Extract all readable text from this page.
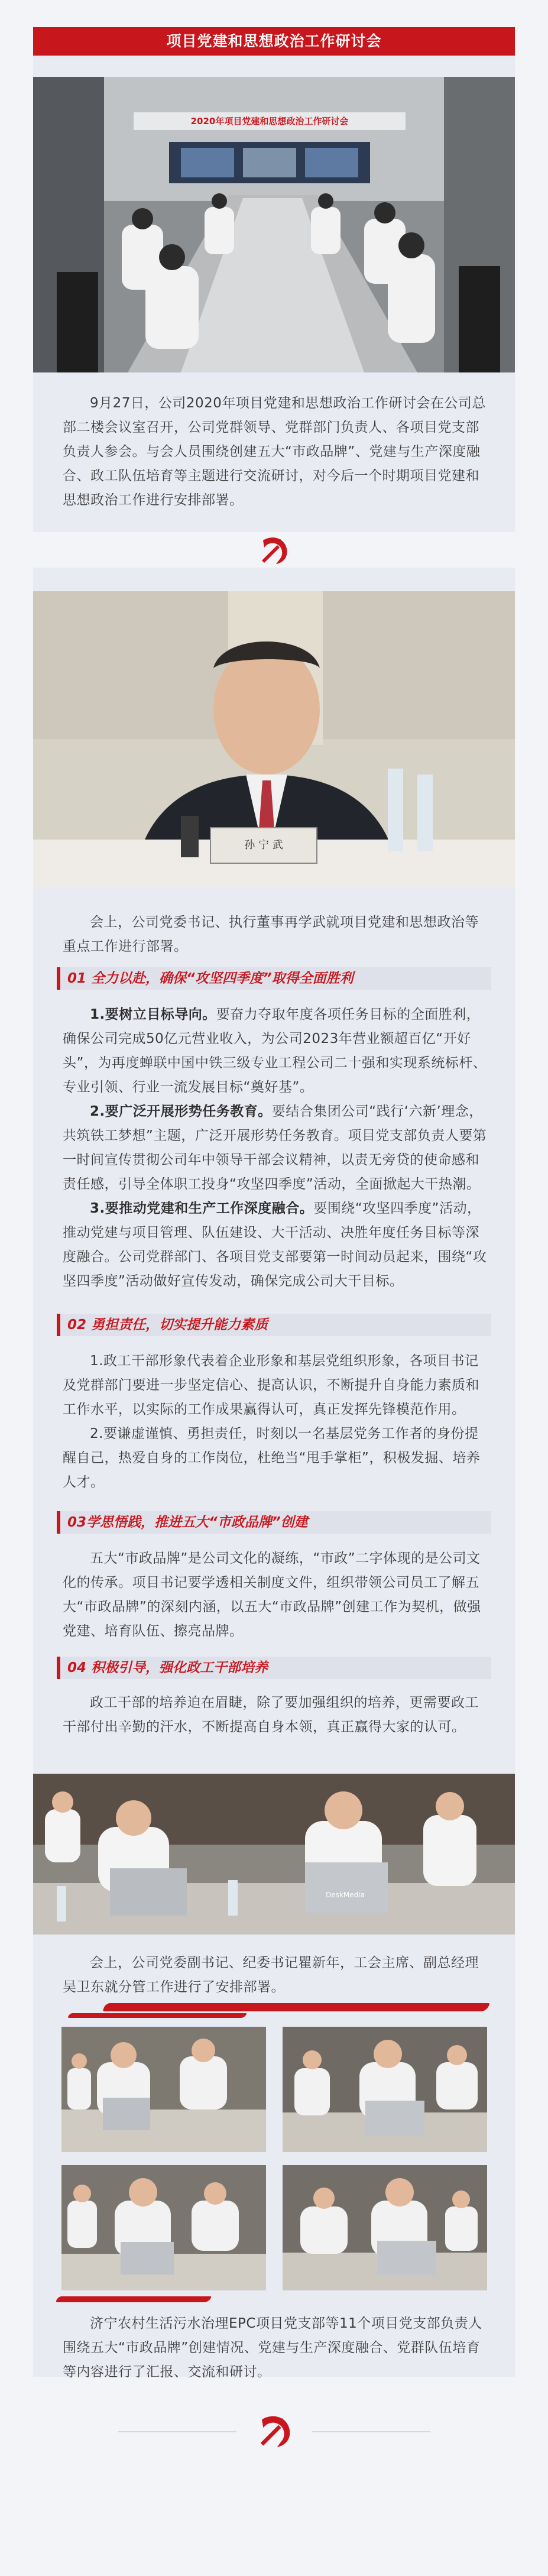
项目党建和思想政治工作研讨会
2020年项目党建和思想政治工作研讨会
9月27日，公司2020年项目党建和思想政治工作研讨会在公司总部二楼会议室召开，公司党群领导、党群部门负责人、各项目党支部负责人参会。与会人员围绕创建五大“市政品牌”、党建与生产深度融合、政工队伍培育等主题进行交流研讨，对今后一个时期项目党建和思想政治工作进行安排部署。
孙 宁 武
会上，公司党委书记、执行董事再学武就项目党建和思想政治等重点工作进行部署。
01 全力以赴，确保“攻坚四季度”取得全面胜利
1.要树立目标导向。要奋力夺取年度各项任务目标的全面胜利，确保公司完成50亿元营业收入，为公司2023年营业额超百亿“开好头”，为再度蝉联中国中铁三级专业工程公司二十强和实现系统标杆、专业引领、行业一流发展目标“奠好基”。
2.要广泛开展形势任务教育。要结合集团公司“践行‘六新’理念，共筑铁工梦想”主题，广泛开展形势任务教育。项目党支部负责人要第一时间宣传贯彻公司年中领导干部会议精神，以责无旁贷的使命感和责任感，引导全体职工投身“攻坚四季度”活动，全面掀起大干热潮。
3.要推动党建和生产工作深度融合。要围绕“攻坚四季度”活动，推动党建与项目管理、队伍建设、大干活动、决胜年度任务目标等深度融合。公司党群部门、各项目党支部要第一时间动员起来，围绕“攻坚四季度”活动做好宣传发动，确保完成公司大干目标。
02 勇担责任，切实提升能力素质
1.政工干部形象代表着企业形象和基层党组织形象，各项目书记及党群部门要进一步坚定信心、提高认识，不断提升自身能力素质和工作水平，以实际的工作成果赢得认可，真正发挥先锋模范作用。
2.要谦虚谨慎、勇担责任，时刻以一名基层党务工作者的身份提醒自己，热爱自身的工作岗位，杜绝当“甩手掌柜”，积极发掘、培养人才。
03学思悟践，推进五大“市政品牌”创建
五大“市政品牌”是公司文化的凝练，“市政”二字体现的是公司文化的传承。项目书记要学透相关制度文件，组织带领公司员工了解五大“市政品牌”的深刻内涵，以五大“市政品牌”创建工作为契机，做强党建、培育队伍、擦亮品牌。
04 积极引导，强化政工干部培养
政工干部的培养迫在眉睫，除了要加强组织的培养，更需要政工干部付出辛勤的汗水，不断提高自身本领，真正赢得大家的认可。
DeskMedia
会上，公司党委副书记、纪委书记瞿新年，工会主席、副总经理吴卫东就分管工作进行了安排部署。
济宁农村生活污水治理EPC项目党支部等11个项目党支部负责人围绕五大“市政品牌”创建情况、党建与生产深度融合、党群队伍培育等内容进行了汇报、交流和研讨。
